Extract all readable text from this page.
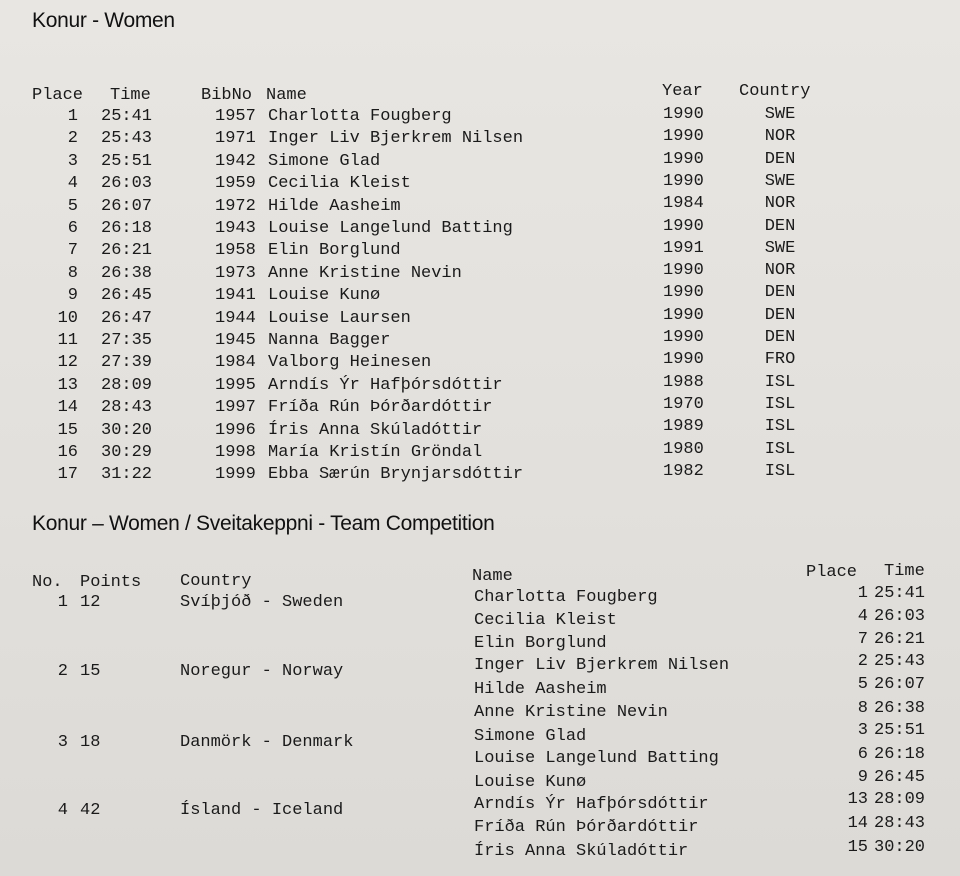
Konur - Women
Place Time	BibNo Name	Year Country
1 25:41	1957 Charlotta Fougberg	1990	SWE
2 25:43	1971 Inger Liv Bjerkrem Nilsen	1990	NOR
3 25:51	1942 Simone Glad	1990	DEN
4 26:03	1959 Cecilia Kleist	1990	SWE
5 26:07	1972 Hilde Aasheim	1984	NOR
6 26:18	1943 Louise Langelund Batting	1990	DEN
7 26:21	1958 Elin Borglund	1991	SWE
8 26:38	1973 Anne Kristine Nevin	1990	NOR
9 26:45	1941 Louise Kunø	1990	DEN
10 26:47	1944 Louise Laursen	1990	DEN
11 27:35	1945 Nanna Bagger	1990	DEN
12 27:39	1984 Valborg Heinesen	1990	FRO
13 28:09	1995 Arndís Ýr Hafþórsdóttir	1988	ISL
14 28:43	1997 Fríða Rún Þórðardóttir	1970	ISL
15 30:20	1996 Íris Anna Skúladóttir	1989	ISL
16 30:29	1998 María Kristín Gröndal	1980	ISL
17 31:22	1999 Ebba Særún Brynjarsdóttir	1982	ISL
Konur – Women / Sveitakeppni - Team Competition
No. Points Country	Name	Place Time
1 12	Svíþjóð - Sweden	Charlotta Fougberg	1 25:41
Cecilia Kleist	4 26:03
Elin Borglund	7 26:21
2 15	Noregur - Norway	Inger Liv Bjerkrem Nilsen	2 25:43
Hilde Aasheim	5 26:07
Anne Kristine Nevin	8 26:38
3 18	Danmörk - Denmark	Simone Glad	3 25:51
Louise Langelund Batting	6 26:18
Louise Kunø	9 26:45
4 42	Ísland - Iceland	Arndís Ýr Hafþórsdóttir	13 28:09
Fríða Rún Þórðardóttir	14 28:43
Íris Anna Skúladóttir	15 30:20
